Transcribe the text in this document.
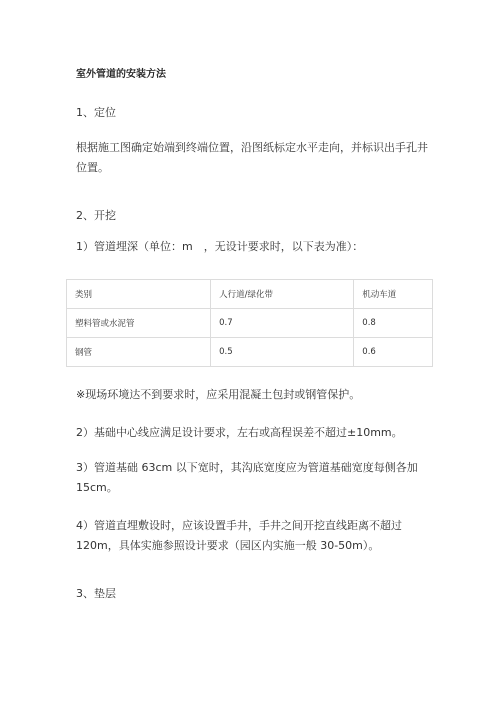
室外管道的安装方法
1、定位
根据施工图确定始端到终端位置，沿图纸标定水平走向，并标识出手孔井位置。
2、开挖
1）管道埋深（单位：m　，无设计要求时，以下表为准）：
类别	人行道/绿化带	机动车道
塑料管或水泥管	0.7	0.8
钢管	0.5	0.6
※现场环境达不到要求时，应采用混凝土包封或钢管保护。
2）基础中心线应满足设计要求，左右或高程误差不超过±10mm。
3）管道基础 63cm 以下宽时，其沟底宽度应为管道基础宽度每侧各加 15cm。
4）管道直埋敷设时，应该设置手井，手井之间开挖直线距离不超过 120m，具体实施参照设计要求（园区内实施一般 30-50m）。
3、垫层
